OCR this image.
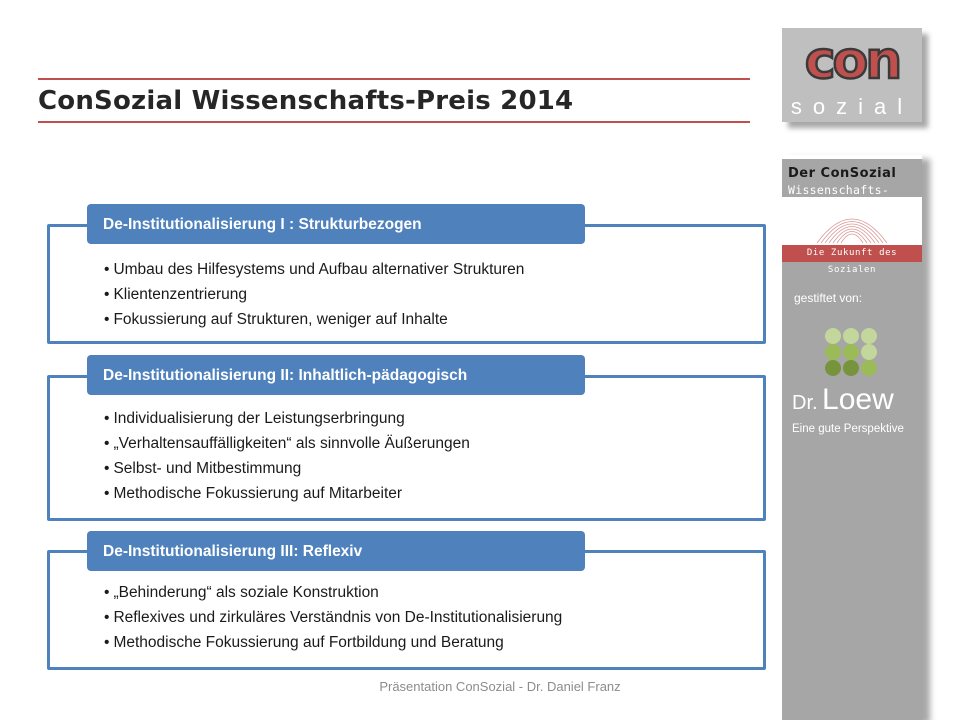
ConSozial Wissenschafts-Preis 2014
con
sozial
Der ConSozial
Wissenschafts-Preis
Die Zukunft des Sozialen
gestiftet von:
Dr. Loew
Eine gute Perspektive
De-Institutionalisierung I : Strukturbezogen
• Umbau des Hilfesystems und Aufbau alternativer Strukturen
• Klientenzentrierung
• Fokussierung auf Strukturen, weniger auf Inhalte
De-Institutionalisierung II: Inhaltlich-pädagogisch
• Individualisierung der Leistungserbringung
• „Verhaltensauffälligkeiten“ als sinnvolle Äußerungen
• Selbst- und Mitbestimmung
• Methodische Fokussierung auf Mitarbeiter
De-Institutionalisierung III: Reflexiv
• „Behinderung“ als soziale Konstruktion
• Reflexives und zirkuläres Verständnis von De-Institutionalisierung
• Methodische Fokussierung auf Fortbildung und Beratung
Präsentation ConSozial - Dr. Daniel Franz
